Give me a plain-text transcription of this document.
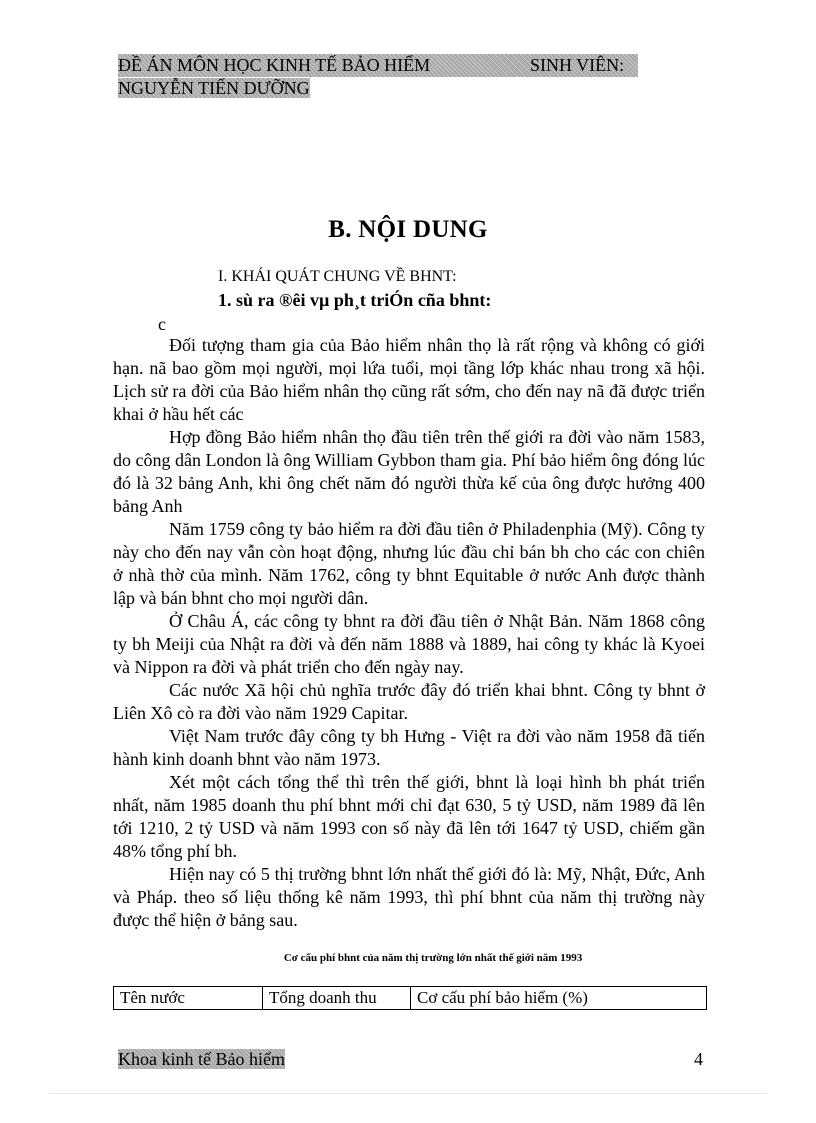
ĐỀ ÁN MÔN HỌC KINH TẾ BẢO HIỂM	SINH VIÊN:
NGUYỄN TIẾN DƯỠNG
B. NỘI DUNG
I. KHÁI QUÁT CHUNG VỀ BHNT:
1. sù ra ®êi vµ ph¸t triÓn cña bhnt:
c

Đối tượng tham gia của Bảo hiểm nhân thọ là rất rộng và không có giới hạn. nã bao gồm mọi người, mọi lứa tuổi, mọi tầng lớp khác nhau trong xã hội. Lịch sử ra đời của Bảo hiểm nhân thọ cũng rất sớm, cho đến nay nã đã được triển khai ở hầu hết các

Hợp đồng Bảo hiểm nhân thọ đầu tiên trên thế giới ra đời vào năm 1583, do công dân London là ông William Gybbon tham gia. Phí bảo hiểm ông đóng lúc đó là 32 bảng Anh, khi ông chết năm đó người thừa kế của ông được hưởng 400 bảng Anh

Năm 1759 công ty bảo hiểm ra đời đầu tiên ở Philadenphia (Mỹ). Công ty này cho đến nay vẫn còn hoạt động, nhưng lúc đầu chỉ bán bh cho các con chiên ở nhà thờ của mình. Năm 1762, công ty bhnt Equitable ở nước Anh được thành lập và bán bhnt cho mọi người dân.

Ở Châu Á, các công ty bhnt ra đời đầu tiên ở Nhật Bản. Năm 1868 công ty bh Meiji của Nhật ra đời và đến năm 1888 và 1889, hai công ty khác là Kyoei và Nippon ra đời và phát triển cho đến ngày nay.

Các nước Xã hội chủ nghĩa trước đây đó triển khai bhnt. Công ty bhnt ở Liên Xô cò ra đời vào năm 1929 Capitar.

Việt Nam trước đây công ty bh Hưng - Việt ra đời vào năm 1958 đã tiến hành kinh doanh bhnt vào năm 1973.

Xét một cách tổng thể thì trên thế giới, bhnt là loại hình bh phát triển nhất, năm 1985 doanh thu phí bhnt mới chỉ đạt 630, 5 tỷ USD, năm 1989 đã lên tới 1210, 2 tỷ USD và năm 1993 con số này đã lên tới 1647 tỷ USD, chiếm gần 48% tổng phí bh.

Hiện nay có 5 thị trường bhnt lớn nhất thế giới đó là: Mỹ, Nhật, Đức, Anh và Pháp. theo số liệu thống kê năm 1993, thì phí bhnt của năm thị trường này được thể hiện ở bảng sau.

Cơ cấu phí bhnt của năm thị trường lớn nhất thế giới năm 1993
Tên nước	Tổng doanh thu	Cơ cấu phí bảo hiểm (%)
Khoa kinh tế Bảo hiểm	4
